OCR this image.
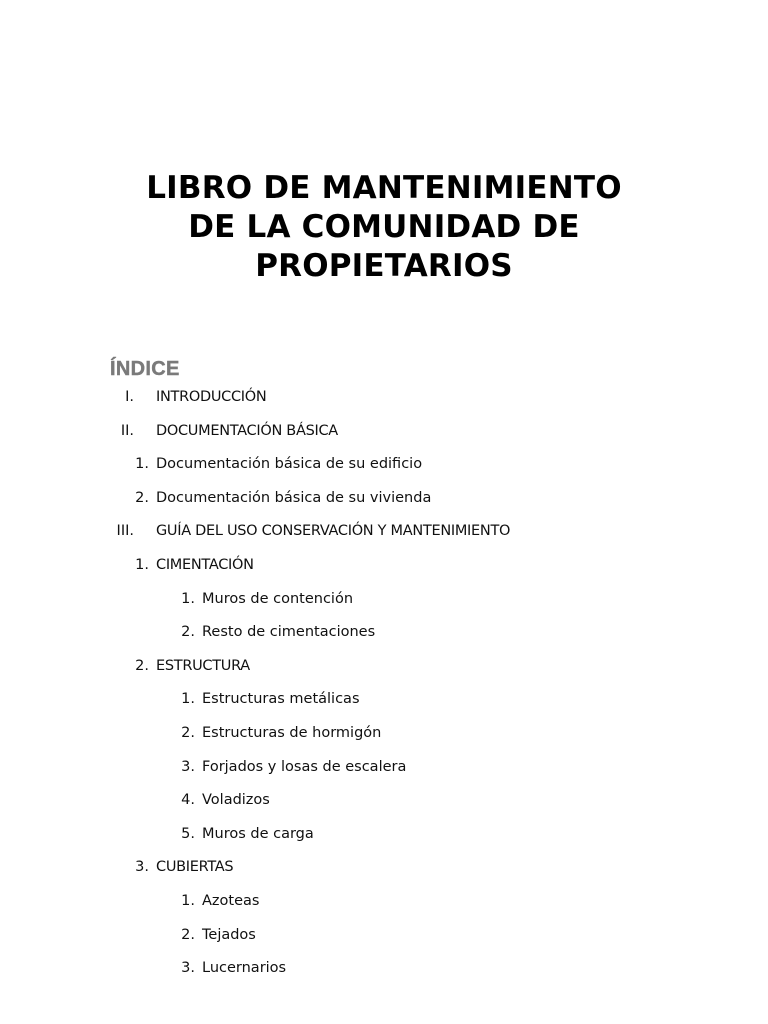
LIBRO DE MANTENIMIENTO
DE LA COMUNIDAD DE
PROPIETARIOS
ÍNDICE
I. INTRODUCCIÓN
II. DOCUMENTACIÓN BÁSICA
1. Documentación básica de su edificio
2. Documentación básica de su vivienda
III. GUÍA DEL USO CONSERVACIÓN Y MANTENIMIENTO
1. CIMENTACIÓN
1. Muros de contención
2. Resto de cimentaciones
2. ESTRUCTURA
1. Estructuras metálicas
2. Estructuras de hormigón
3. Forjados y losas de escalera
4. Voladizos
5. Muros de carga
3. CUBIERTAS
1. Azoteas
2. Tejados
3. Lucernarios
